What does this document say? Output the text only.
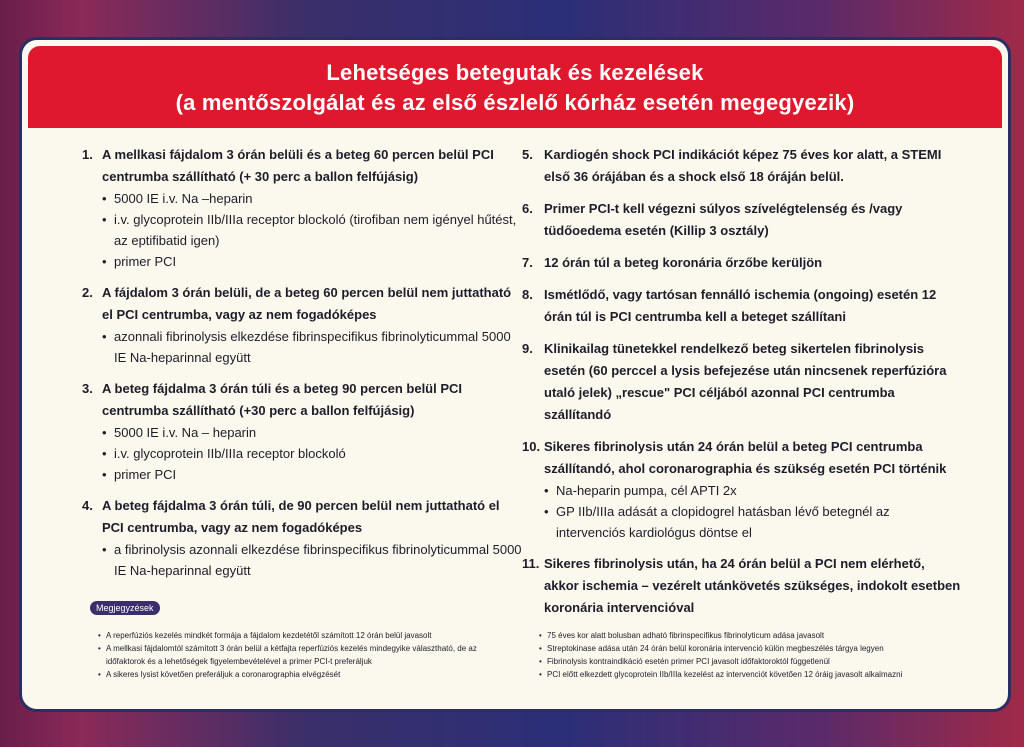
Lehetséges betegutak és kezelések
(a mentőszolgálat és az első észlelő kórház esetén megegyezik)
1. A mellkasi fájdalom 3 órán belüli és a beteg 60 percen belül PCI centrumba szállítható (+ 30 perc a ballon felfújásig)
• 5000 IE i.v. Na –heparin
• i.v. glycoprotein IIb/IIIa receptor blockoló (tirofiban nem igényel hűtést, az eptifibatid igen)
• primer PCI
2. A fájdalom 3 órán belüli, de a beteg 60 percen belül nem juttatható el PCI centrumba, vagy az nem fogadóképes
• azonnali fibrinolysis elkezdése fibrinspecifikus fibrinolyticummal 5000 IE Na-heparinnal együtt
3. A beteg fájdalma 3 órán túli és a beteg 90 percen belül PCI centrumba szállítható (+30 perc a ballon felfújásig)
• 5000 IE i.v. Na – heparin
• i.v. glycoprotein IIb/IIIa receptor blockoló
• primer PCI
4. A beteg fájdalma 3 órán túli, de 90 percen belül nem juttatható el PCI centrumba, vagy az nem fogadóképes
• a fibrinolysis azonnali elkezdése fibrinspecifikus fibrinolyticummal 5000 IE Na-heparinnal együtt
5. Kardiogén shock PCI indikációt képez 75 éves kor alatt, a STEMI első 36 órájában és a shock első 18 óráján belül.
6. Primer PCI-t kell végezni súlyos szívelégtelenség és /vagy tüdőoedema esetén (Killip 3 osztály)
7. 12 órán túl a beteg koronária őrzőbe kerüljön
8. Ismétlődő, vagy tartósan fennálló ischemia (ongoing) esetén 12 órán túl is PCI centrumba kell a beteget szállítani
9. Klinikailag tünetekkel rendelkező beteg sikertelen fibrinolysis esetén (60 perccel a lysis befejezése után nincsenek reperfúzióra utaló jelek) „rescue" PCI céljából azonnal PCI centrumba szállítandó
10. Sikeres fibrinolysis után 24 órán belül a beteg PCI centrumba szállítandó, ahol coronarographia és szükség esetén PCI történik
• Na-heparin pumpa, cél APTI 2x
• GP IIb/IIIa adását a clopidogrel hatásban lévő betegnél az intervenciós kardiológus döntse el
11. Sikeres fibrinolysis után, ha 24 órán belül a PCI nem elérhető, akkor ischemia – vezérelt utánkövetés szükséges, indokolt esetben koronária intervencióval
Megjegyzések
• A reperfúziós kezelés mindkét formája a fájdalom kezdetétől számított 12 órán belül javasolt
• A mellkasi fájdalomtól számított 3 órán belül a kétfajta reperfúziós kezelés mindegyike választható, de az időfaktorok és a lehetőségek figyelembevételével a primer PCI-t preferáljuk
• A sikeres lysist követően preferáljuk a coronarographia elvégzését
• 75 éves kor alatt bolusban adható fibrinspecifikus fibrinolyticum adása javasolt
• Streptokinase adása után 24 órán belül koronária intervenció külön megbeszélés tárgya legyen
• Fibrinolysis kontraindikáció esetén primer PCI javasolt időfaktoroktól függetlenül
• PCI előtt elkezdett glycoprotein IIb/IIIa kezelést az intervenciót követően 12 óráig javasolt alkalmazni
